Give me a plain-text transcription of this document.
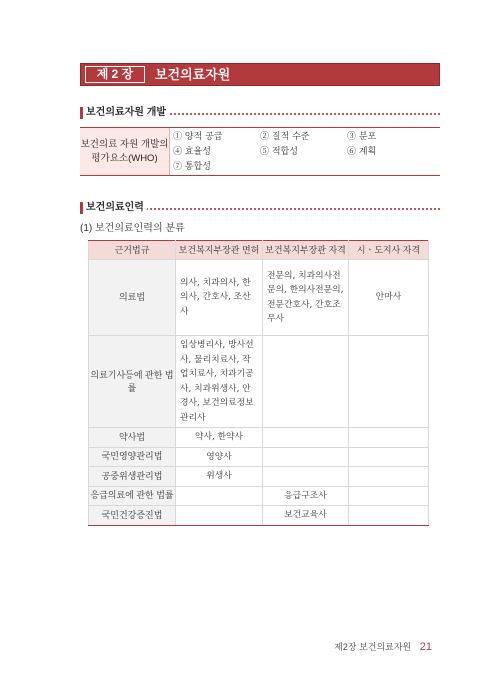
제 2 장	보건의료자원
보건의료자원 개발
보건의료 자원 개발의 평가요소(WHO)
① 양적 공급	② 질적 수준	③ 분포
④ 효율성	⑤ 적합성	⑥ 계획
⑦ 통합성
보건의료인력
(1) 보건의료인력의 분류
근거법규	보건복지부장관 면허	보건복지부장관 자격	시ㆍ도지사 자격
의료법	의사, 치과의사, 한의사, 간호사, 조산사	전문의, 치과의사전문의, 한의사전문의, 전문간호사, 간호조무사	안마사
의료기사등에 관한 법률	임상병리사, 방사선사, 물리치료사, 작업치료사, 치과기공사, 치과위생사, 안경사, 보건의료정보관리사		
약사법	약사, 한약사		
국민영양관리법	영양사		
공중위생관리법	위생사		
응급의료에 관한 법률		응급구조사	
국민건강증진법		보건교육사	
제2장 보건의료자원 21
